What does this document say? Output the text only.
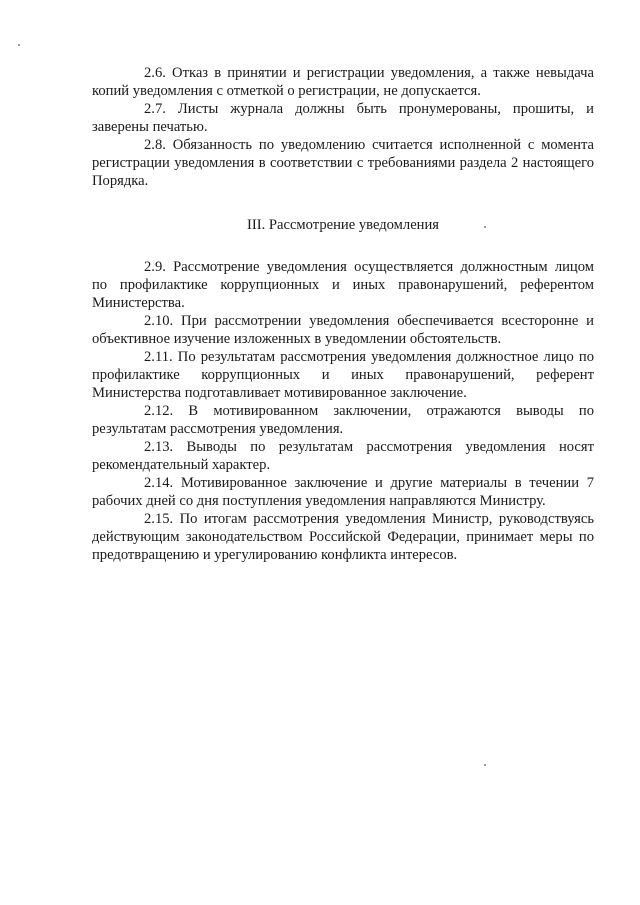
2.6. Отказ в принятии и регистрации уведомления, а также невыдача копий уведомления с отметкой о регистрации, не допускается.

2.7. Листы журнала должны быть пронумерованы, прошиты, и заверены печатью.

2.8. Обязанность по уведомлению считается исполненной с момента регистрации уведомления в соответствии с требованиями раздела 2 настоящего Порядка.

III. Рассмотрение уведомления

2.9. Рассмотрение уведомления осуществляется должностным лицом по профилактике коррупционных и иных правонарушений, референтом Министерства.

2.10. При рассмотрении уведомления обеспечивается всесторонне и объективное изучение изложенных в уведомлении обстоятельств.

2.11. По результатам рассмотрения уведомления должностное лицо по профилактике коррупционных и иных правонарушений, референт Министерства подготавливает мотивированное заключение.

2.12. В мотивированном заключении, отражаются выводы по результатам рассмотрения уведомления.

2.13. Выводы по результатам рассмотрения уведомления носят рекомендательный характер.

2.14. Мотивированное заключение и другие материалы в течении 7 рабочих дней со дня поступления уведомления направляются Министру.

2.15. По итогам рассмотрения уведомления Министр, руководствуясь действующим законодательством Российской Федерации, принимает меры по предотвращению и урегулированию конфликта интересов.
